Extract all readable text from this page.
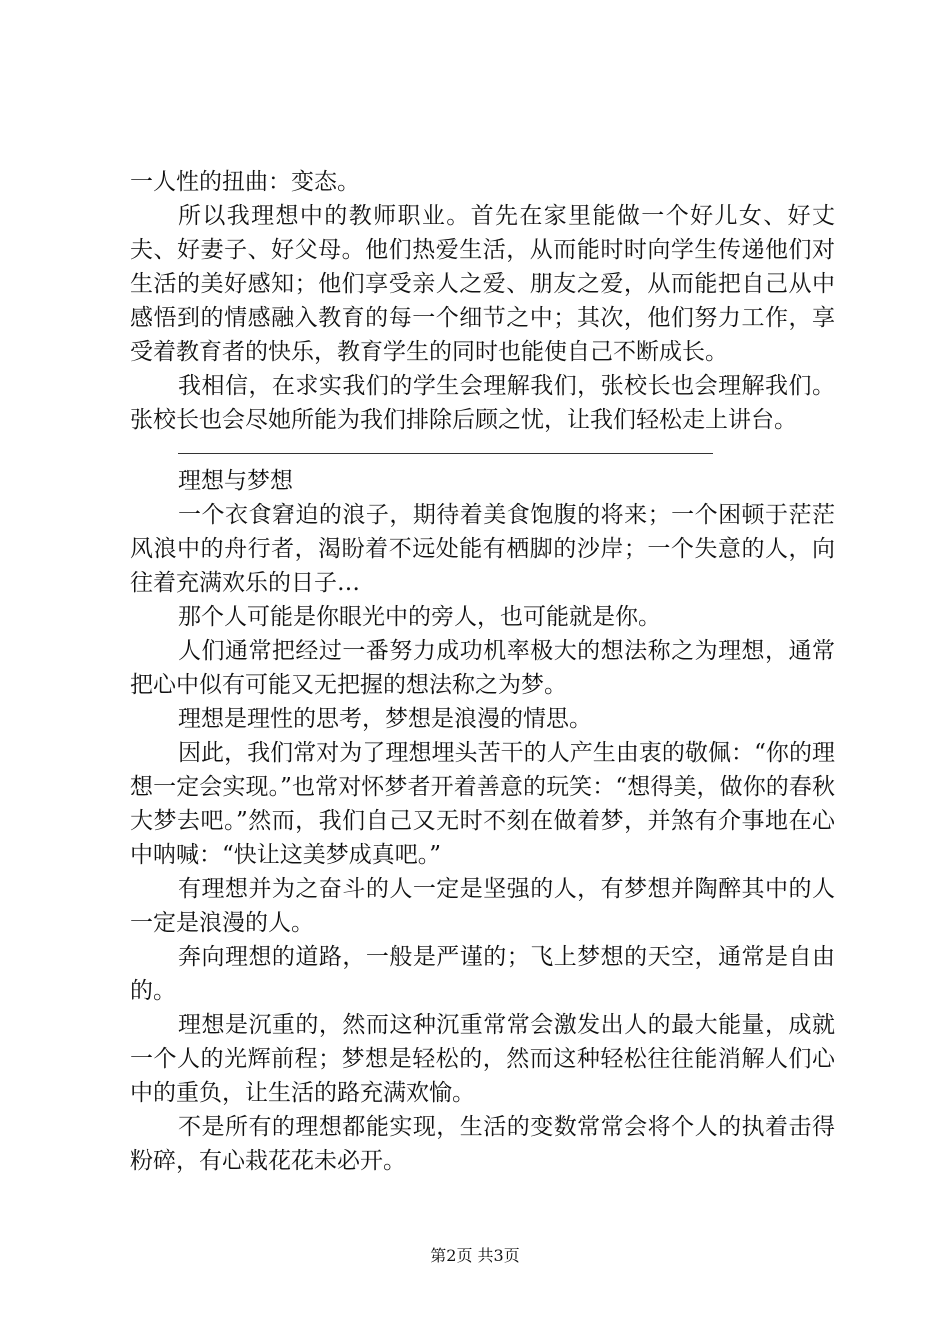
一人性的扭曲：变态。

所以我理想中的教师职业。首先在家里能做一个好儿女、好丈夫、好妻子、好父母。他们热爱生活，从而能时时向学生传递他们对生活的美好感知；他们享受亲人之爱、朋友之爱，从而能把自己从中感悟到的情感融入教育的每一个细节之中；其次，他们努力工作，享受着教育者的快乐，教育学生的同时也能使自己不断成长。

我相信，在求实我们的学生会理解我们，张校长也会理解我们。张校长也会尽她所能为我们排除后顾之忧，让我们轻松走上讲台。

理想与梦想

一个衣食窘迫的浪子，期待着美食饱腹的将来；一个困顿于茫茫风浪中的舟行者，渴盼着不远处能有栖脚的沙岸；一个失意的人，向往着充满欢乐的日子…

那个人可能是你眼光中的旁人，也可能就是你。

人们通常把经过一番努力成功机率极大的想法称之为理想，通常把心中似有可能又无把握的想法称之为梦。

理想是理性的思考，梦想是浪漫的情思。

因此，我们常对为了理想埋头苦干的人产生由衷的敬佩：“你的理想一定会实现。”也常对怀梦者开着善意的玩笑：“想得美，做你的春秋大梦去吧。”然而，我们自己又无时不刻在做着梦，并煞有介事地在心中呐喊：“快让这美梦成真吧。”

有理想并为之奋斗的人一定是坚强的人，有梦想并陶醉其中的人一定是浪漫的人。

奔向理想的道路，一般是严谨的；飞上梦想的天空，通常是自由的。

理想是沉重的，然而这种沉重常常会激发出人的最大能量，成就一个人的光辉前程；梦想是轻松的，然而这种轻松往往能消解人们心中的重负，让生活的路充满欢愉。

不是所有的理想都能实现，生活的变数常常会将个人的执着击得粉碎，有心栽花花未必开。

第2页 共3页
